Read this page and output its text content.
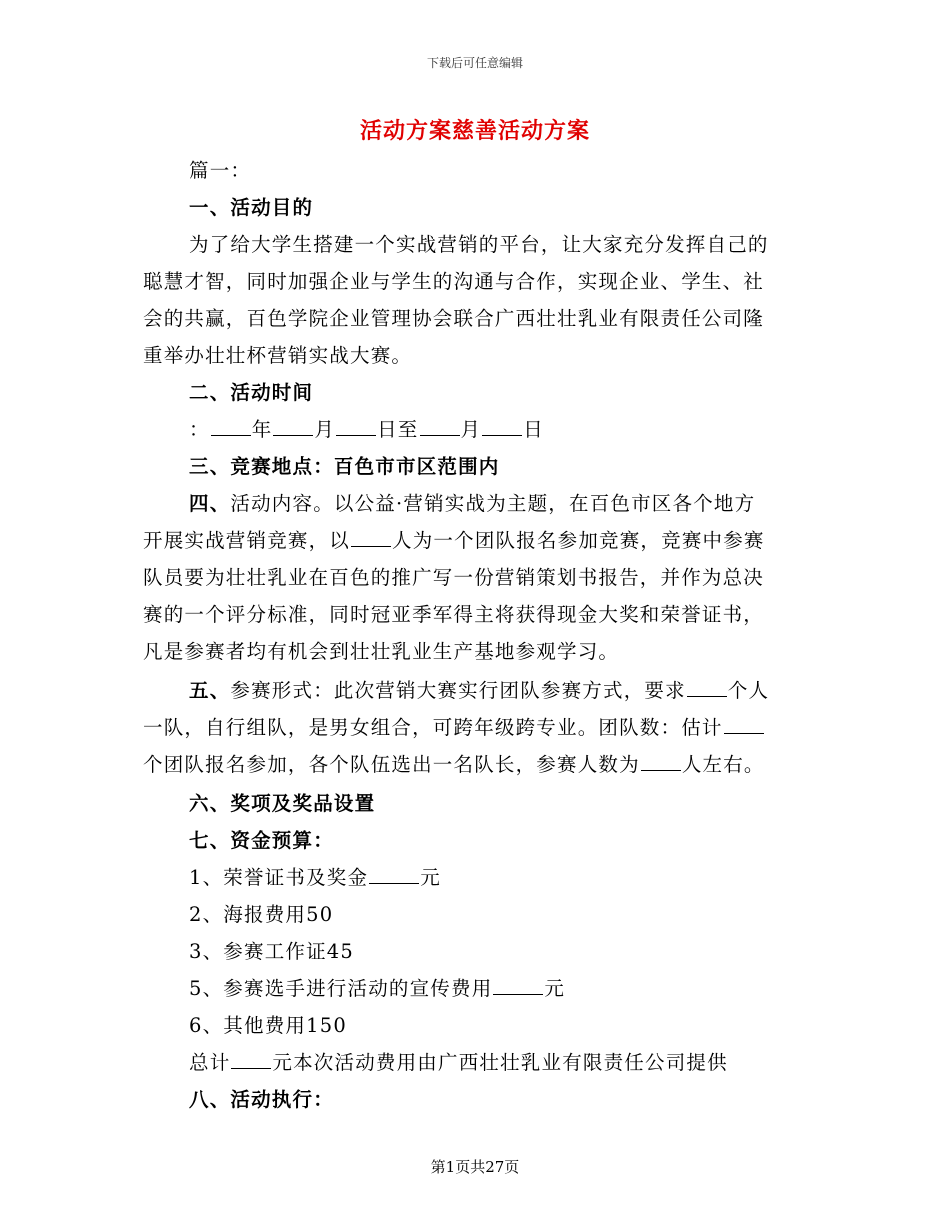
下载后可任意编辑
活动方案慈善活动方案
篇一：
一、活动目的
为了给大学生搭建一个实战营销的平台，让大家充分发挥自己的
聪慧才智，同时加强企业与学生的沟通与合作，实现企业、学生、社
会的共赢，百色学院企业管理协会联合广西壮壮乳业有限责任公司隆
重举办壮壮杯营销实战大赛。
二、活动时间
： 年 月 日至 月 日
三、竞赛地点：百色市市区范围内
四、活动内容。以公益·营销实战为主题，在百色市区各个地方
开展实战营销竞赛，以 人为一个团队报名参加竞赛，竞赛中参赛
队员要为壮壮乳业在百色的推广写一份营销策划书报告，并作为总决
赛的一个评分标准，同时冠亚季军得主将获得现金大奖和荣誉证书，
凡是参赛者均有机会到壮壮乳业生产基地参观学习。
五、参赛形式：此次营销大赛实行团队参赛方式，要求 个人
一队，自行组队，是男女组合，可跨年级跨专业。团队数：估计
个团队报名参加，各个队伍选出一名队长，参赛人数为 人左右。
六、奖项及奖品设置
七、资金预算：
1、荣誉证书及奖金	元
2、海报费用50
3、参赛工作证45
5、参赛选手进行活动的宣传费用	元
6、其他费用150
总计 元本次活动费用由广西壮壮乳业有限责任公司提供
八、活动执行：
第1页共27页
